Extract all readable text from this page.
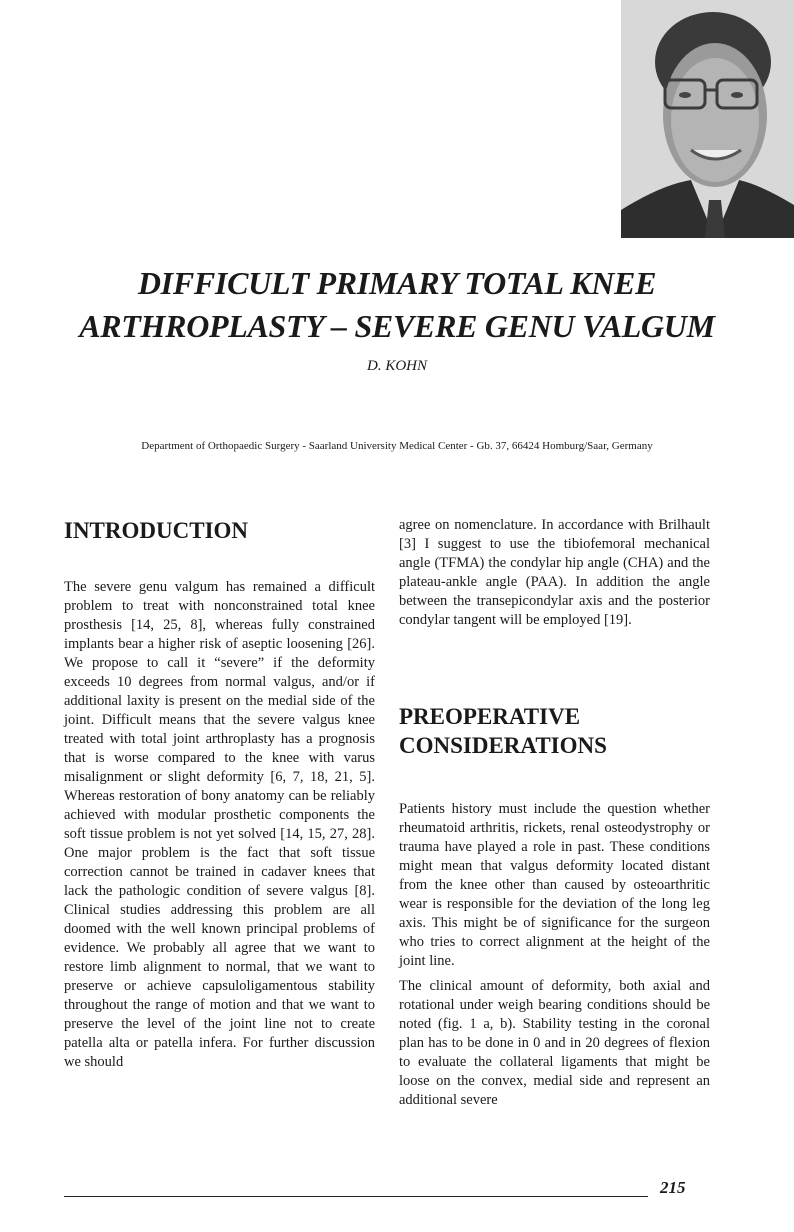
DIFFICULT PRIMARY TOTAL KNEE
ARTHROPLASTY – SEVERE GENU VALGUM
D. KOHN
Department of Orthopaedic Surgery - Saarland University Medical Center - Gb. 37, 66424 Homburg/Saar, Germany
INTRODUCTION

The severe genu valgum has remained a difficult problem to treat with nonconstrained total knee prosthesis [14, 25, 8], whereas fully constrained implants bear a higher risk of aseptic loosening [26]. We propose to call it “severe” if the deformity exceeds 10 degrees from normal valgus, and/or if additional laxity is present on the medial side of the joint. Difficult means that the severe valgus knee treated with total joint arthroplasty has a prognosis that is worse compared to the knee with varus misalignment or slight deformity [6, 7, 18, 21, 5]. Whereas restoration of bony anatomy can be reliably achieved with modular prosthetic components the soft tissue problem is not yet solved [14, 15, 27, 28]. One major problem is the fact that soft tissue correction cannot be trained in cadaver knees that lack the pathologic condition of severe valgus [8]. Clinical studies addressing this problem are all doomed with the well known principal problems of evidence. We probably all agree that we want to restore limb alignment to normal, that we want to preserve or achieve capsuloligamentous stability throughout the range of motion and that we want to preserve the level of the joint line not to create patella alta or patella infera. For further discussion we should

agree on nomenclature. In accordance with Brilhault [3] I suggest to use the tibiofemoral mechanical angle (TFMA) the condylar hip angle (CHA) and the plateau-ankle angle (PAA). In addition the angle between the transepicondylar axis and the posterior condylar tangent will be employed [19].

PREOPERATIVE
CONSIDERATIONS

Patients history must include the question whether rheumatoid arthritis, rickets, renal osteodystrophy or trauma have played a role in past. These conditions might mean that valgus deformity located distant from the knee other than caused by osteoarthritic wear is responsible for the deviation of the long leg axis. This might be of significance for the surgeon who tries to correct alignment at the height of the joint line.

The clinical amount of deformity, both axial and rotational under weigh bearing conditions should be noted (fig. 1 a, b). Stability testing in the coronal plan has to be done in 0 and in 20 degrees of flexion to evaluate the collateral ligaments that might be loose on the convex, medial side and represent an additional severe

215
